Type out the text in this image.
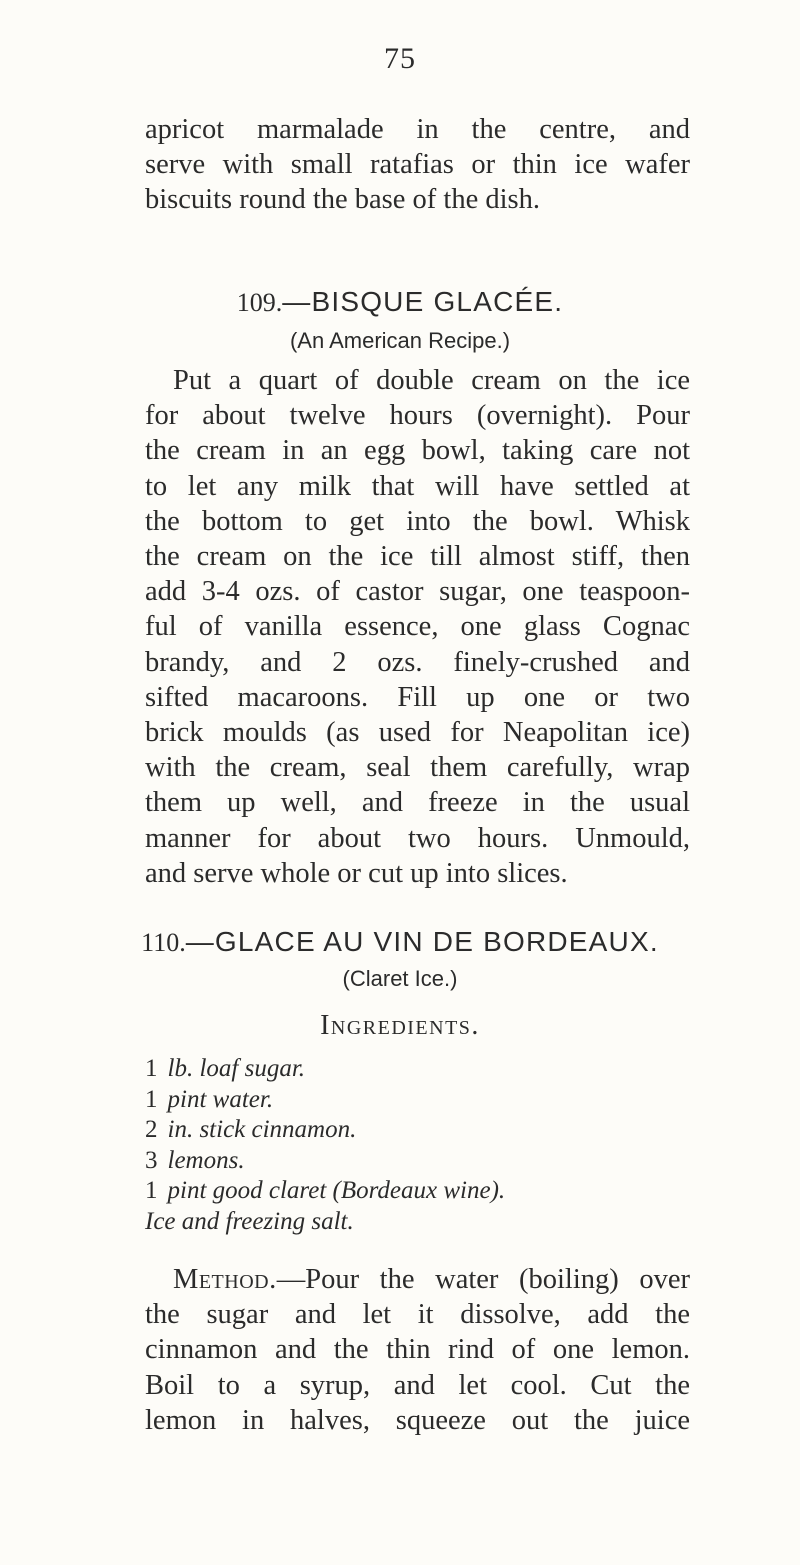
75
apricot marmalade in the centre, and
serve with small ratafias or thin ice wafer
biscuits round the base of the dish.
109.—BISQUE GLACÉE.
(An American Recipe.)
Put a quart of double cream on the ice
for about twelve hours (overnight). Pour
the cream in an egg bowl, taking care not
to let any milk that will have settled at
the bottom to get into the bowl. Whisk
the cream on the ice till almost stiff, then
add 3-4 ozs. of castor sugar, one teaspoon-
ful of vanilla essence, one glass Cognac
brandy, and 2 ozs. finely-crushed and
sifted macaroons. Fill up one or two
brick moulds (as used for Neapolitan ice)
with the cream, seal them carefully, wrap
them up well, and freeze in the usual
manner for about two hours. Unmould,
and serve whole or cut up into slices.
110.—GLACE AU VIN DE BORDEAUX.
(Claret Ice.)
Ingredients.
1 lb. loaf sugar.
1 pint water.
2 in. stick cinnamon.
3 lemons.
1 pint good claret (Bordeaux wine).
Ice and freezing salt.
Method.—Pour the water (boiling) over
the sugar and let it dissolve, add the
cinnamon and the thin rind of one lemon.
Boil to a syrup, and let cool. Cut the
lemon in halves, squeeze out the juice
